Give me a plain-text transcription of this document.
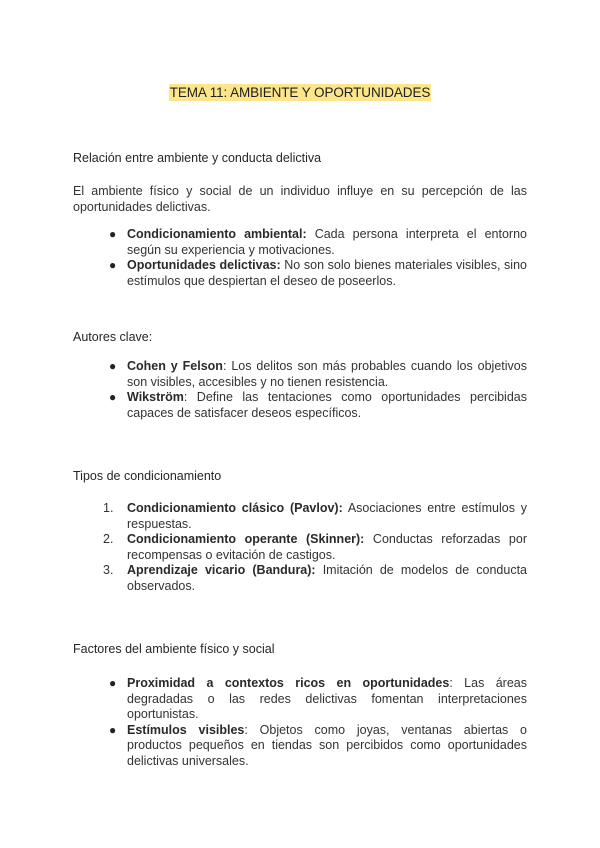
TEMA 11: AMBIENTE Y OPORTUNIDADES
Relación entre ambiente y conducta delictiva
El ambiente físico y social de un individuo influye en su percepción de las oportunidades delictivas.
● Condicionamiento ambiental: Cada persona interpreta el entorno según su experiencia y motivaciones.
● Oportunidades delictivas: No son solo bienes materiales visibles, sino estímulos que despiertan el deseo de poseerlos.
Autores clave:
● Cohen y Felson: Los delitos son más probables cuando los objetivos son visibles, accesibles y no tienen resistencia.
● Wikström: Define las tentaciones como oportunidades percibidas capaces de satisfacer deseos específicos.
Tipos de condicionamiento
1.	Condicionamiento clásico (Pavlov): Asociaciones entre estímulos y respuestas.
2.	Condicionamiento operante (Skinner): Conductas reforzadas por recompensas o evitación de castigos.
3.	Aprendizaje vicario (Bandura): Imitación de modelos de conducta observados.
Factores del ambiente físico y social
● Proximidad a contextos ricos en oportunidades: Las áreas degradadas o las redes delictivas fomentan interpretaciones oportunistas.
● Estímulos visibles: Objetos como joyas, ventanas abiertas o productos pequeños en tiendas son percibidos como oportunidades delictivas universales.
